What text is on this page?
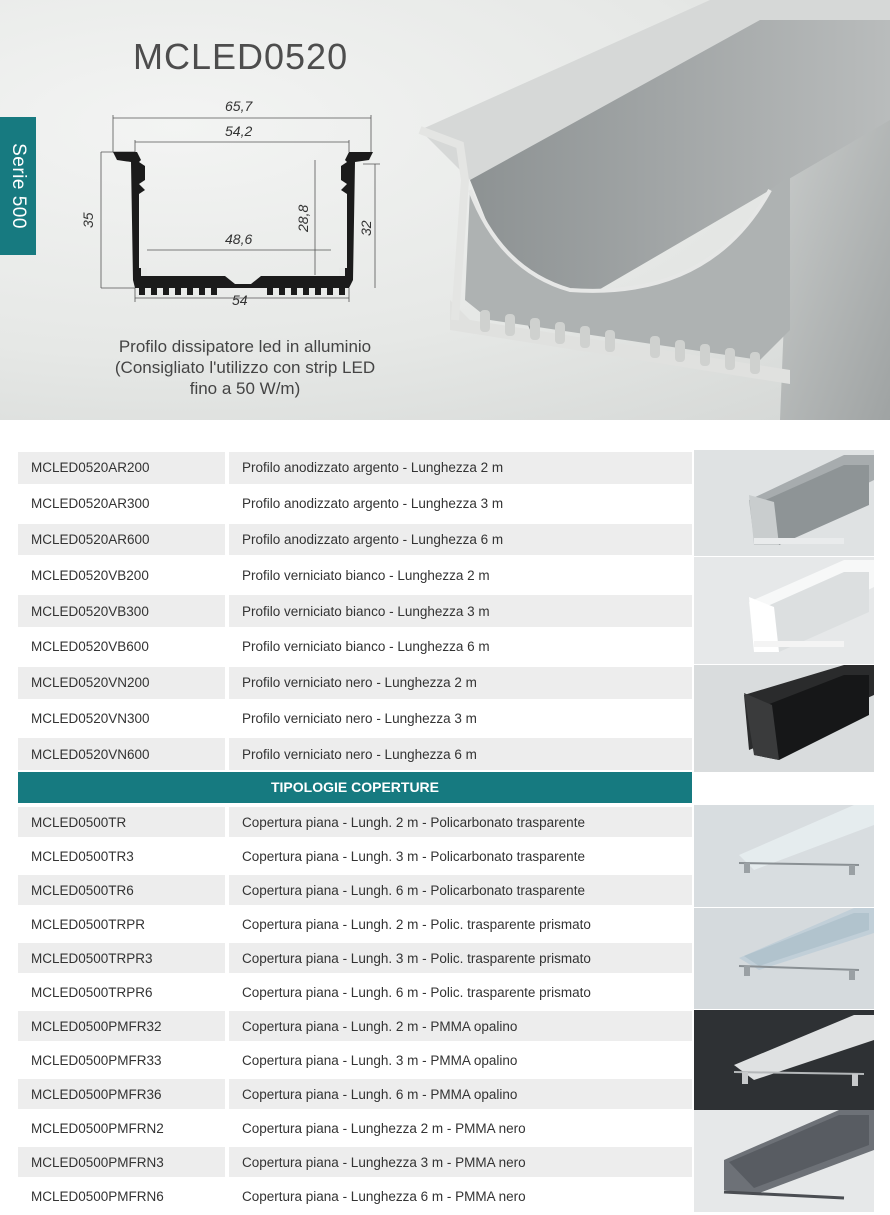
Serie 500
MCLED0520
65,7
54,2
35	28,8	32
48,6
54
Profilo dissipatore led in alluminio
(Consigliato l'utilizzo con strip LED
fino a 50 W/m)
CODICE	DESCRIZIONE ARTICOLO
MCLED0520AR200	Profilo anodizzato argento - Lunghezza 2 m
MCLED0520AR300	Profilo anodizzato argento - Lunghezza 3 m
MCLED0520AR600	Profilo anodizzato argento - Lunghezza 6 m
MCLED0520VB200	Profilo verniciato bianco - Lunghezza 2 m
MCLED0520VB300	Profilo verniciato bianco - Lunghezza 3 m
MCLED0520VB600	Profilo verniciato bianco - Lunghezza 6 m
MCLED0520VN200	Profilo verniciato nero - Lunghezza 2 m
MCLED0520VN300	Profilo verniciato nero - Lunghezza 3 m
MCLED0520VN600	Profilo verniciato nero - Lunghezza 6 m
TIPOLOGIE COPERTURE
MCLED0500TR	Copertura piana - Lungh. 2 m - Policarbonato trasparente
MCLED0500TR3	Copertura piana - Lungh. 3 m - Policarbonato trasparente
MCLED0500TR6	Copertura piana - Lungh. 6 m - Policarbonato trasparente
MCLED0500TRPR	Copertura piana - Lungh. 2 m - Polic. trasparente prismato
MCLED0500TRPR3	Copertura piana - Lungh. 3 m - Polic. trasparente prismato
MCLED0500TRPR6	Copertura piana - Lungh. 6 m - Polic. trasparente prismato
MCLED0500PMFR32	Copertura piana - Lungh. 2 m - PMMA opalino
MCLED0500PMFR33	Copertura piana - Lungh. 3 m - PMMA opalino
MCLED0500PMFR36	Copertura piana - Lungh. 6 m - PMMA opalino
MCLED0500PMFRN2	Copertura piana - Lunghezza 2 m - PMMA nero
MCLED0500PMFRN3	Copertura piana - Lunghezza 3 m - PMMA nero
MCLED0500PMFRN6	Copertura piana - Lunghezza 6 m - PMMA nero
